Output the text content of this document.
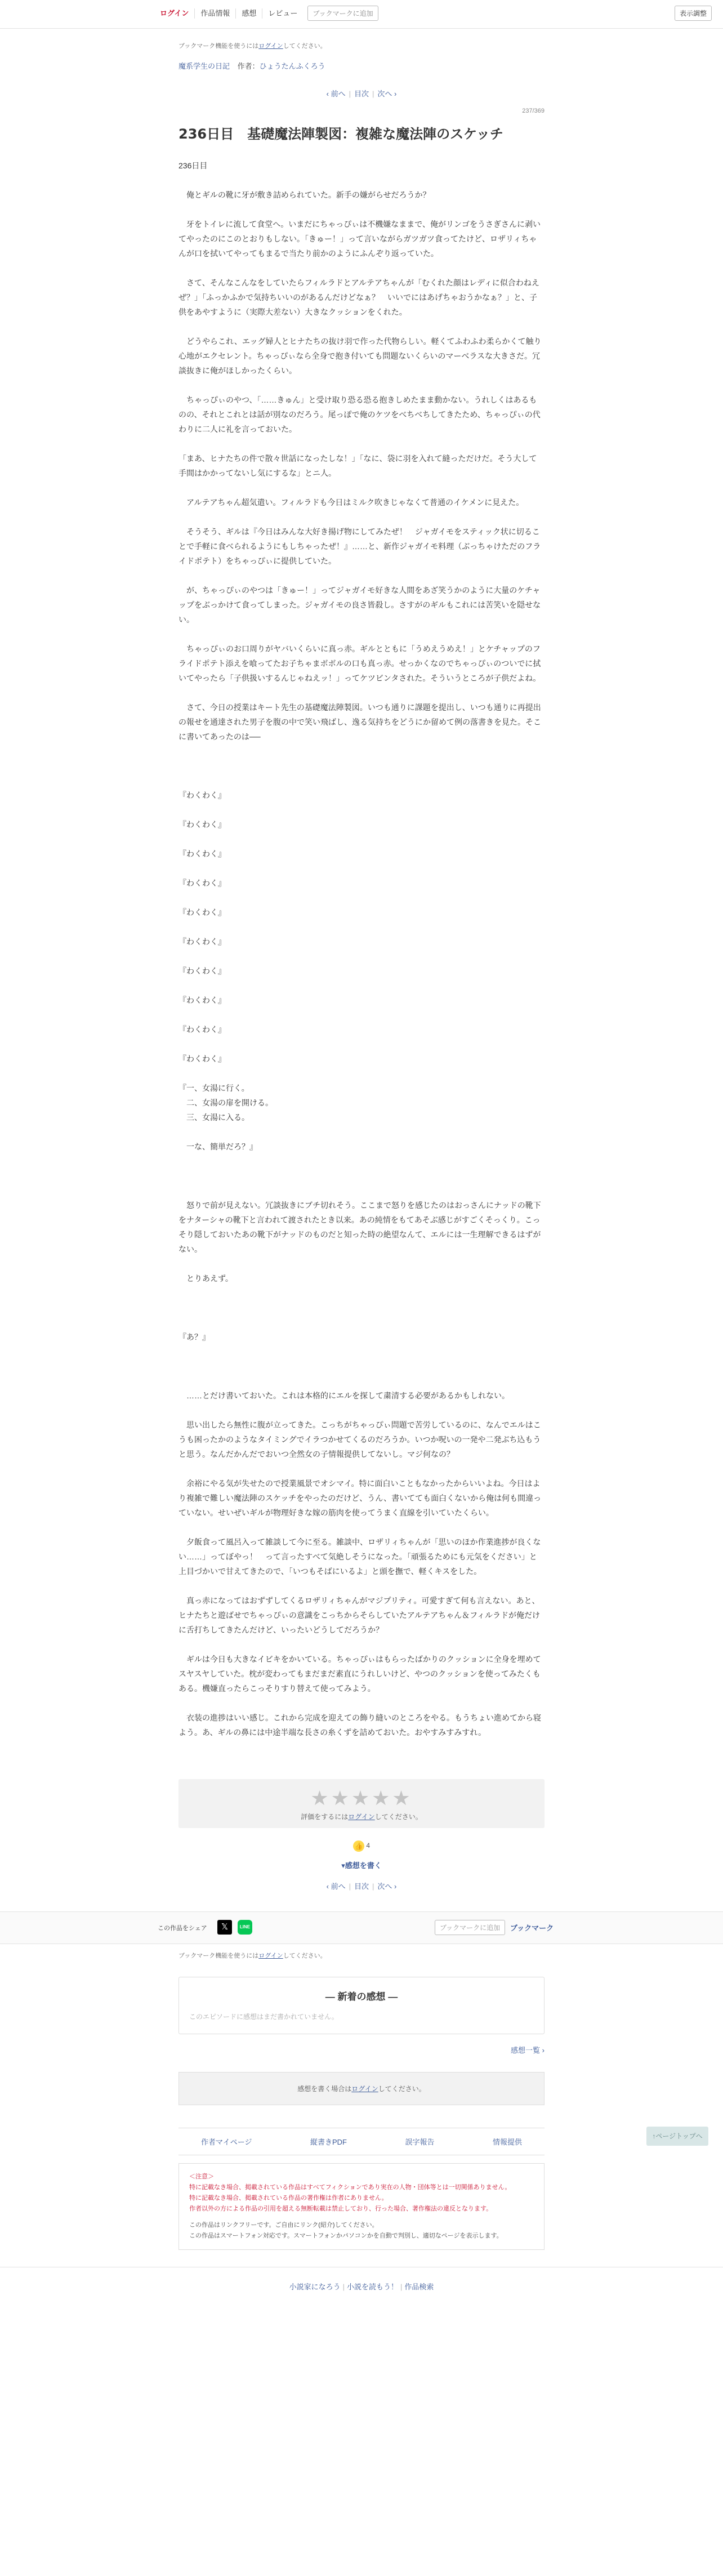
ログイン	作品情報	感想	レビュー	ブックマークに追加	表示調整
ブックマーク機能を使うにはログインしてください。
魔系学生の日記 作者：ひょうたんふくろう
‹ 前へ | 目次 | 次へ ›
237/369
236日目　基礎魔法陣製図：複雑な魔法陣のスケッチ

236日目

　俺とギルの靴に牙が敷き詰められていた。新手の嫌がらせだろうか？

　牙をトイレに流して食堂へ。いまだにちゃっぴぃは不機嫌なままで、俺がリンゴをうさぎさんに剥いてやったのにこのとおりもしない。「きゅー！」って言いながらガツガツ食ってたけど、ロザリィちゃんが口を拭いてやってもまるで当たり前かのようにふんぞり返っていた。

　さて、そんなこんなをしていたらフィルラドとアルテアちゃんが「むくれた顔はレディに似合わねえぜ？」「ふっかふかで気持ちいいのがあるんだけどなぁ？　いいでにはあげちゃおうかなぁ？」と、子供をあやすように（実際大差ない）大きなクッションをくれた。

　どうやらこれ、エッグ婦人とヒナたちの抜け羽で作った代物らしい。軽くてふわふわ柔らかくて触り心地がエクセレント。ちゃっぴぃなら全身で抱き付いても問題ないくらいのマーベラスな大きさだ。冗談抜きに俺がほしかったくらい。

　ちゃっぴぃのやつ、「……きゅん」と受け取り恐る恐る抱きしめたまま動かない。うれしくはあるものの、それとこれとは話が別なのだろう。尾っぽで俺のケツをべちべちしてきたため、ちゃっぴぃの代わりに二人に礼を言っておいた。

「まあ、ヒナたちの件で散々世話になったしな！」「なに、袋に羽を入れて縫っただけだ。そう大して手間はかかってないし気にするな」とニ人。

　アルテアちゃん超気遣い。フィルラドも今日はミルク吹きじゃなくて普通のイケメンに見えた。

　そうそう、ギルは『今日はみんな大好き揚げ物にしてみたぜ！　ジャガイモをスティック状に切ることで手軽に食べられるようにもしちゃったぜ！』……と、新作ジャガイモ料理（ぶっちゃけただのフライドポテト）をちゃっぴぃに提供していた。

　が、ちゃっぴぃのやつは「きゅー！」ってジャガイモ好きな人間をあざ笑うかのように大量のケチャップをぶっかけて食ってしまった。ジャガイモの良さ皆殺し。さすがのギルもこれには苦笑いを隠せない。

　ちゃっぴぃのお口周りがヤバいくらいに真っ赤。ギルとともに「うめえうめえ！」とケチャップのフライドポテト添えを喰ってたお子ちゃまボボルの口も真っ赤。せっかくなのでちゃっぴぃのついでに拭いてやったら「子供扱いするんじゃねえッ！」ってケツビンタされた。そういうところが子供だよね。

　さて、今日の授業はキート先生の基礎魔法陣製図。いつも通りに課題を提出し、いつも通りに再提出の報せを通達された男子を腹の中で笑い飛ばし、逸る気持ちをどうにか留めて例の落書きを見た。そこに書いてあったのは──

『わくわく』

『わくわく』

『わくわく』

『わくわく』

『わくわく』

『わくわく』

『わくわく』

『わくわく』

『わくわく』

『わくわく』

『一、女湯に行く。

　二、女湯の扉を開ける。

　三、女湯に入る。

　一な、簡単だろ？』

　怒りで前が見えない。冗談抜きにブチ切れそう。ここまで怒りを感じたのはおっさんにナッドの靴下をナターシャの靴下と言われて渡されたとき以来。あの純情をもてあそぶ感じがすごくそっくり。こっそり隠しておいたあの靴下がナッドのものだと知った時の絶望なんて、エルには一生理解できるはずがない。

　とりあえず。

『あ？』

　……とだけ書いておいた。これは本格的にエルを探して粛清する必要があるかもしれない。

　思い出したら無性に腹が立ってきた。こっちがちゃっぴぃ問題で苦労しているのに、なんでエルはこうも困ったかのようなタイミングでイラつかせてくるのだろうか。いつか呪いの一発や二発ぶち込もうと思う。なんだかんだでおいつ全然女の子情報提供してないし。マジ何なの？

　余裕にやる気が失せたので授業風景でオシマイ。特に面白いこともなかったからいいよね。今日はより複雑で難しい魔法陣のスケッチをやったのだけど、うん、書いてても面白くないから俺は何も間違っていない。せいぜいギルが物理好きな嫁の筋肉を使ってうまく直線を引いていたくらい。

　夕飯食って風呂入って雑談して今に至る。雑談中、ロザリィちゃんが「思いのほか作業進捗が良くない……」ってぼやっ！　って言ったすべて気絶しそうになった。「頑張るためにも元気をください」と上目づかいで甘えてきたので、「いつもそばにいるよ」と頭を撫で、軽くキスをした。

　真っ赤になってはおずずしてくるロザリィちゃんがマジプリティ。可愛すぎて何も言えない。あと、ヒナたちと遊ばせでちゃっぴぃの意識をこっちからそらしていたアルテアちゃん＆フィルラドが俺だけに舌打ちしてきたんだけど、いったいどうしてだろうか？

　ギルは今日も大きなイビキをかいている。ちゃっぴぃはもらったばかりのクッションに全身を埋めてスヤスヤしていた。枕が変わってもまだまだ素直にうれしいけど、やつのクッションを使ってみたくもある。機嫌直ったらこっそりすり替えて使ってみよう。

　衣装の進捗はいい感じ。これから完成を迎えての飾り縫いのところをやる。もうちょい進めてから寝よう。あ、ギルの鼻には中途半端な長さの糸くずを詰めておいた。おやすみすみすれ。

★★★★★
評価をするにはログインしてください。
👍 4
▾感想を書く
‹ 前へ | 目次 | 次へ ›
この作品をシェア	𝕏	LINE	ブックマークに追加	ブックマーク
ブックマーク機能を使うにはログインしてください。
― 新着の感想 ―
このエピソードに感想はまだ書かれていません。
感想一覧 ›
感想を書く場合はログインしてください。
作者マイページ	縦書きPDF	誤字報告	情報提供
＜注意＞
特に記載なき場合、掲載されている作品はすべてフィクションであり実在の人物・団体等とは一切関係ありません。
特に記載なき場合、掲載されている作品の著作権は作者にありません。
作者以外の方による作品の引用を超える無断転載は禁止しており、行った場合、著作権法の違反となります。
この作品はリンクフリーです。ご自由にリンク(紹介)してください。
この作品はスマートフォン対応です。スマートフォンかパソコンかを自動で判別し、適切なページを表示します。
小説家になろう | 小説を読もう！ | 作品検索
↑ページトップへ
